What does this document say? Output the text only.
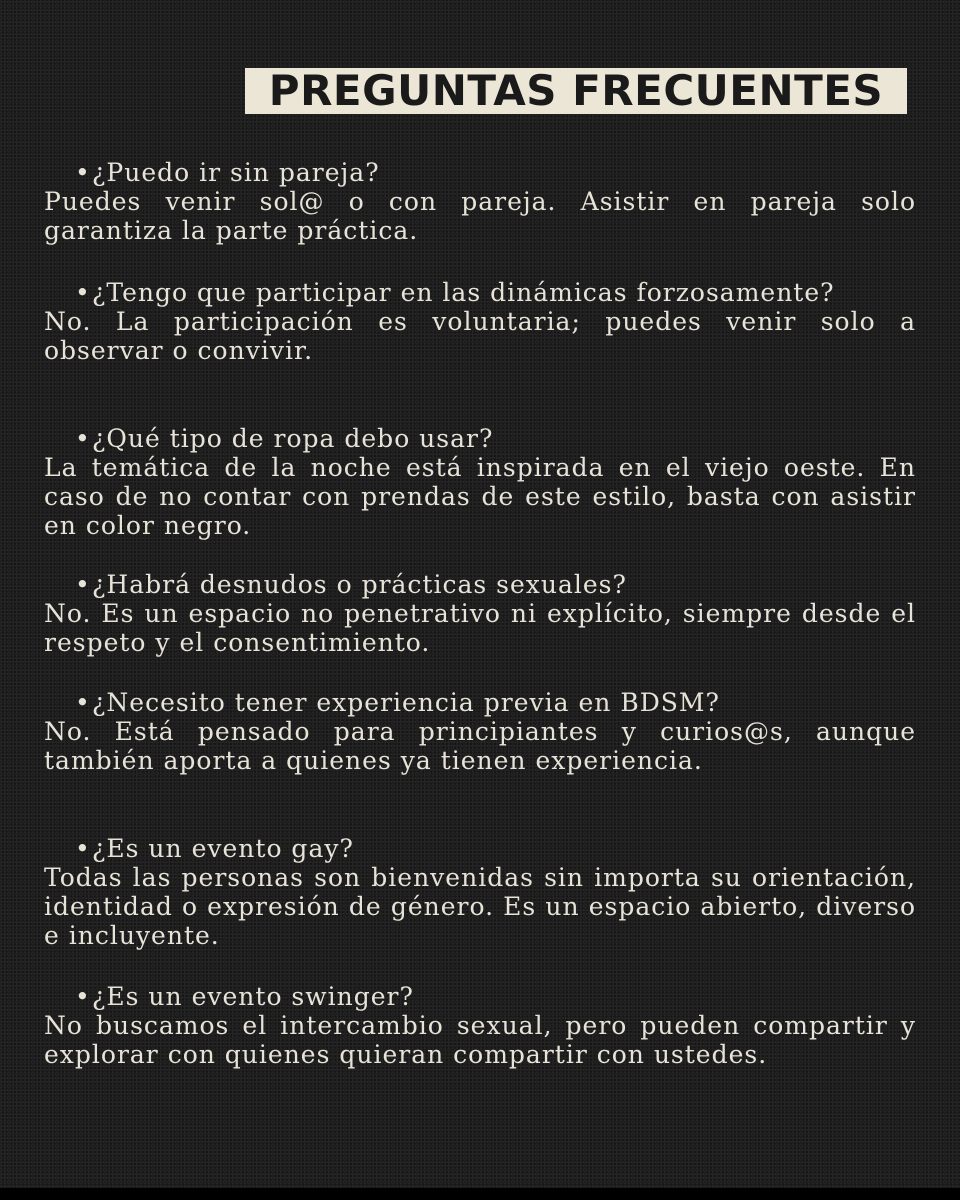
PREGUNTAS FRECUENTES
• ¿Puedo ir sin pareja?
Puedes venir sol@ o con pareja. Asistir en pareja solo garantiza la parte práctica.
• ¿Tengo que participar en las dinámicas forzosamente?
No. La participación es voluntaria; puedes venir solo a observar o convivir.
• ¿Qué tipo de ropa debo usar?
La temática de la noche está inspirada en el viejo oeste. En caso de no contar con prendas de este estilo, basta con asistir en color negro.
• ¿Habrá desnudos o prácticas sexuales?
No. Es un espacio no penetrativo ni explícito, siempre desde el respeto y el consentimiento.
• ¿Necesito tener experiencia previa en BDSM?
No. Está pensado para principiantes y curios@s, aunque también aporta a quienes ya tienen experiencia.
• ¿Es un evento gay?
Todas las personas son bienvenidas sin importa su orientación, identidad o expresión de género. Es un espacio abierto, diverso e incluyente.
• ¿Es un evento swinger?
No buscamos el intercambio sexual, pero pueden compartir y explorar con quienes quieran compartir con ustedes.
